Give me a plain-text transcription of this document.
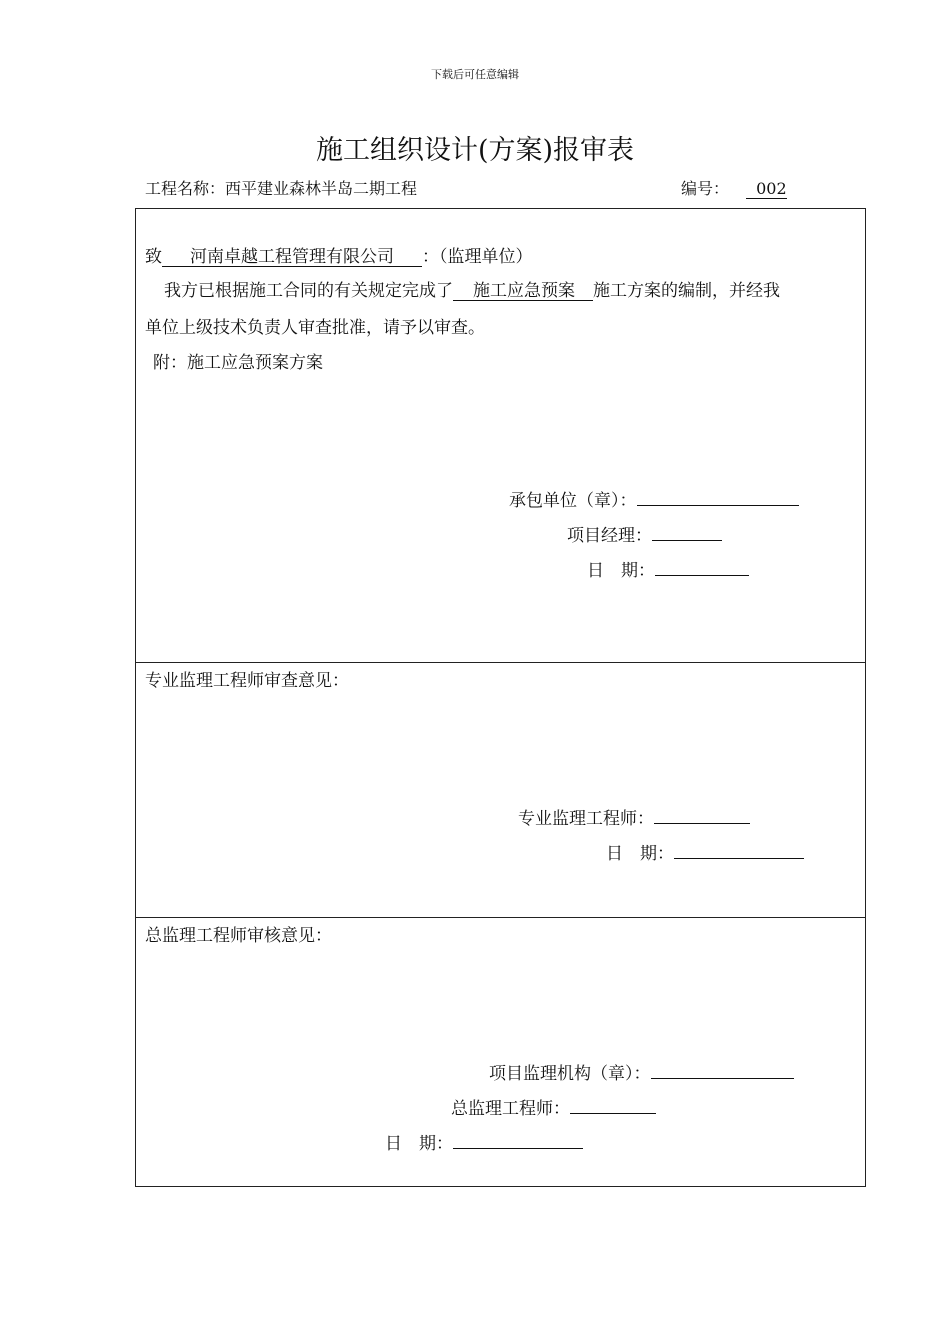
下载后可任意编辑
施工组织设计(方案)报审表
工程名称：西平建业森林半岛二期工程	编号： 002
致 河南卓越工程管理有限公司 ：（监理单位）
我方已根据施工合同的有关规定完成了 施工应急预案 施工方案的编制，并经我
单位上级技术负责人审查批准，请予以审查。
附：施工应急预案方案
承包单位（章）：
项目经理：
日　期：
专业监理工程师审查意见：
专业监理工程师：
日　期：
总监理工程师审核意见：
项目监理机构（章）：
总监理工程师：
日　期：
